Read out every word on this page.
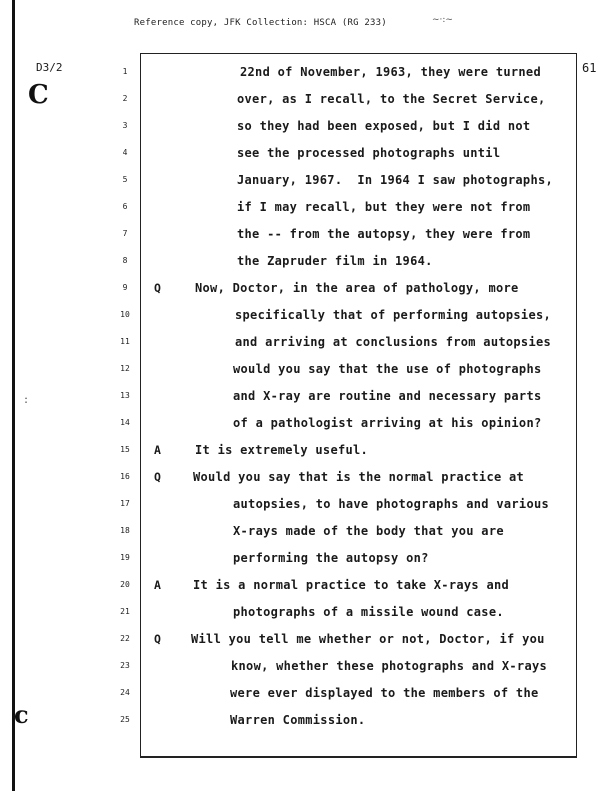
Reference copy, JFK Collection: HSCA (RG 233)	~·:~
D3/2	61
𝐂
:
ϲ
1	22nd of November, 1963, they were turned
2	over, as I recall, to the Secret Service,
3	so they had been exposed, but I did not
4	see the processed photographs until
5	January, 1967.  In 1964 I saw photographs,
6	if I may recall, but they were not from
7	the -- from the autopsy, they were from
8	the Zapruder film in 1964.
9	Q	Now, Doctor, in the area of pathology, more
10	specifically that of performing autopsies,
11	and arriving at conclusions from autopsies
12	would you say that the use of photographs
13	and X-ray are routine and necessary parts
14	of a pathologist arriving at his opinion?
15 A	It is extremely useful.
16 Q	Would you say that is the normal practice at
17	autopsies, to have photographs and various
18	X-rays made of the body that you are
19	performing the autopsy on?
20 A	It is a normal practice to take X-rays and
21	photographs of a missile wound case.
22 Q	Will you tell me whether or not, Doctor, if you
23	know, whether these photographs and X-rays
24	were ever displayed to the members of the
25	Warren Commission.
